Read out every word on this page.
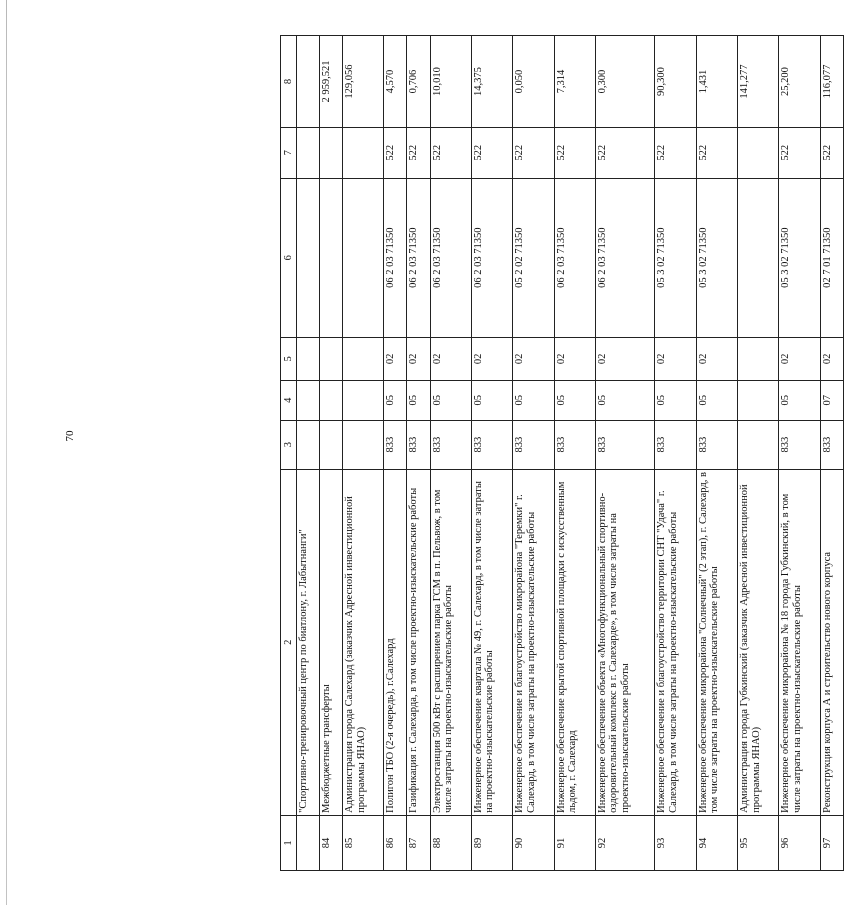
70
1	2	3	4	5	6	7	8
	"Спортивно-тренировочный центр по биатлону, г. Лабытнанги"						
84	Межбюджетные трансферты						2 959,521
85	Администрация города Салехард (заказчик Адресной инвестиционной программы ЯНАО)						129,056
86	Полигон ТБО (2-я очередь), г.Салехард	833	05	02	06 2 03 71350	522	4,570
87	Газификация г. Салехарда, в том числе проектно-изыскательские работы	833	05	02	06 2 03 71350	522	0,706
88	Электростанция 500 кВт с расширением парка ГСМ в п. Пельвож, в том числе затраты на проектно-изыскательские работы	833	05	02	06 2 03 71350	522	10,010
89	Инженерное обеспечение квартала № 49, г. Салехард, в том числе затраты на проектно-изыскательские работы	833	05	02	06 2 03 71350	522	14,375
90	Инженерное обеспечение и благоустройство микрорайона "Теремки" г. Салехард, в том числе затраты на проектно-изыскательские работы	833	05	02	05 2 02 71350	522	0,050
91	Инженерное обеспечение крытой спортивной площадки с искусственным льдом, г. Салехард	833	05	02	06 2 03 71350	522	7,314
92	Инженерное обеспечение объекта «Многофункциональный спортивно-оздоровительный комплекс в г. Салехарде», в том числе затраты на проектно-изыскательские работы	833	05	02	06 2 03 71350	522	0,300
93	Инженерное обеспечение и благоустройство территории СНТ "Удача" г. Салехард, в том числе затраты на проектно-изыскательские работы	833	05	02	05 3 02 71350	522	90,300
94	Инженерное обеспечение микрорайона "Солнечный" (2 этап), г. Салехард, в том числе затраты на проектно-изыскательские работы	833	05	02	05 3 02 71350	522	1,431
95	Администрация города Губкинский (заказчик Адресной инвестиционной программы ЯНАО)						141,277
96	Инженерное обеспечение микрорайона № 18 города Губкинский, в том числе затраты на проектно-изыскательские работы	833	05	02	05 3 02 71350	522	25,200
97	Реконструкция корпуса А и строительство нового корпуса	833	07	02	02 7 01 71350	522	116,077
